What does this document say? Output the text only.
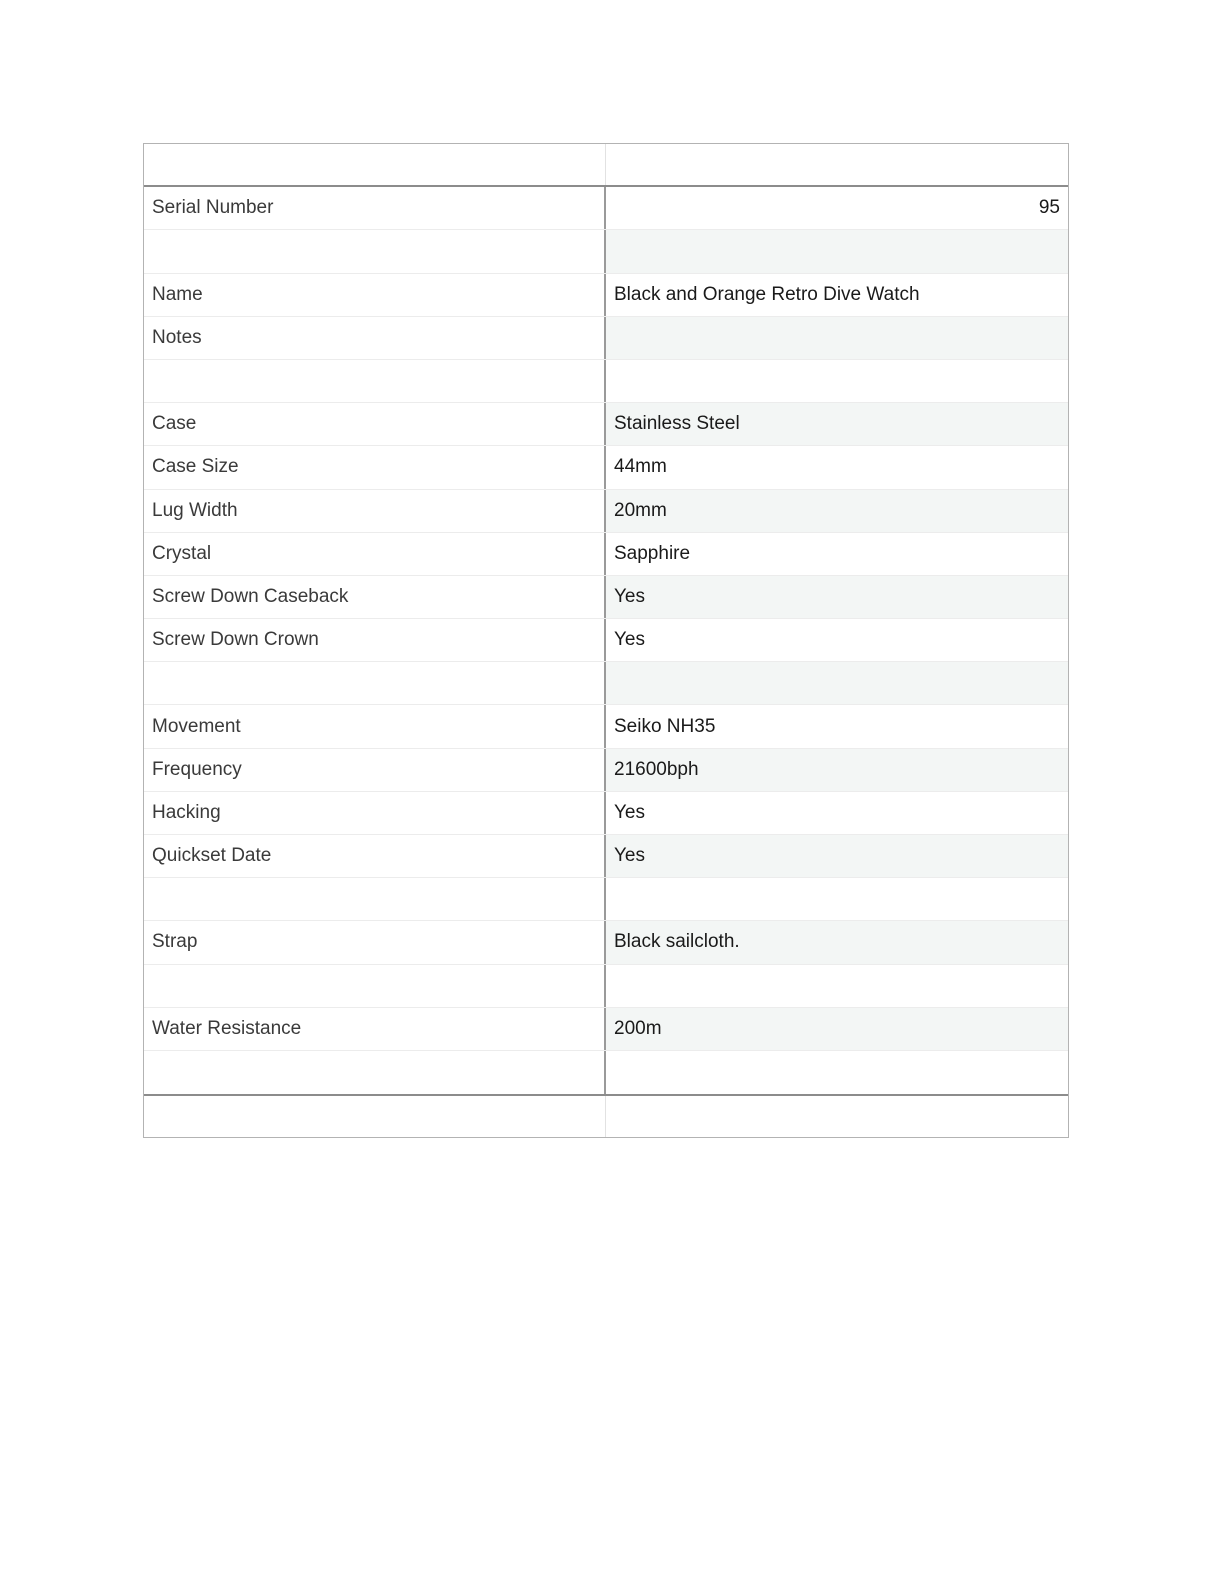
Serial Number	95
Name	Black and Orange Retro Dive Watch
Notes
Case	Stainless Steel
Case Size	44mm
Lug Width	20mm
Crystal	Sapphire
Screw Down Caseback	Yes
Screw Down Crown	Yes
Movement	Seiko NH35
Frequency	21600bph
Hacking	Yes
Quickset Date	Yes
Strap	Black sailcloth.
Water Resistance	200m
